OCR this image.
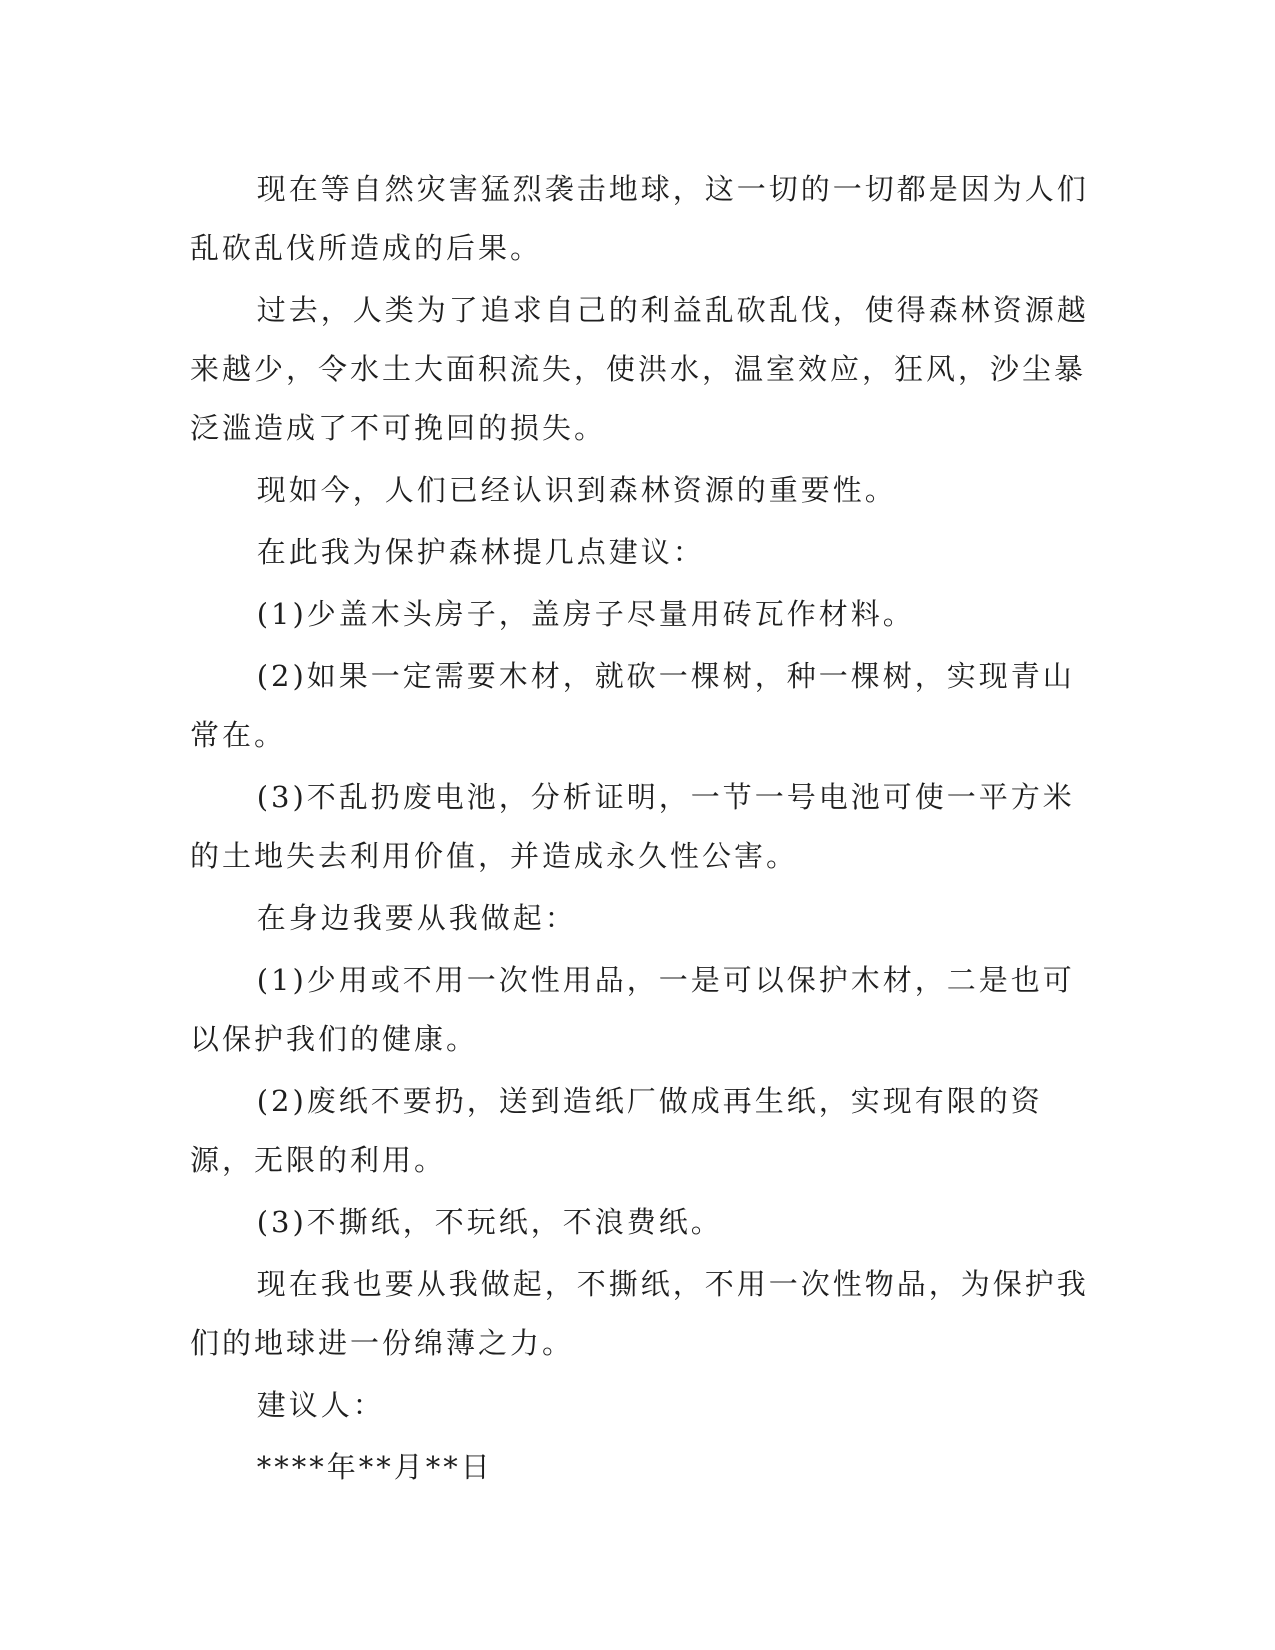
现在等自然灾害猛烈袭击地球，这一切的一切都是因为人们乱砍乱伐所造成的后果。

过去，人类为了追求自己的利益乱砍乱伐，使得森林资源越来越少，令水土大面积流失，使洪水，温室效应，狂风，沙尘暴泛滥造成了不可挽回的损失。

现如今，人们已经认识到森林资源的重要性。

在此我为保护森林提几点建议：

(1)少盖木头房子，盖房子尽量用砖瓦作材料。

(2)如果一定需要木材，就砍一棵树，种一棵树，实现青山常在。

(3)不乱扔废电池，分析证明，一节一号电池可使一平方米的土地失去利用价值，并造成永久性公害。

在身边我要从我做起：

(1)少用或不用一次性用品，一是可以保护木材，二是也可以保护我们的健康。

(2)废纸不要扔，送到造纸厂做成再生纸，实现有限的资源，无限的利用。

(3)不撕纸，不玩纸，不浪费纸。

现在我也要从我做起，不撕纸，不用一次性物品，为保护我们的地球进一份绵薄之力。

建议人：

****年**月**日
